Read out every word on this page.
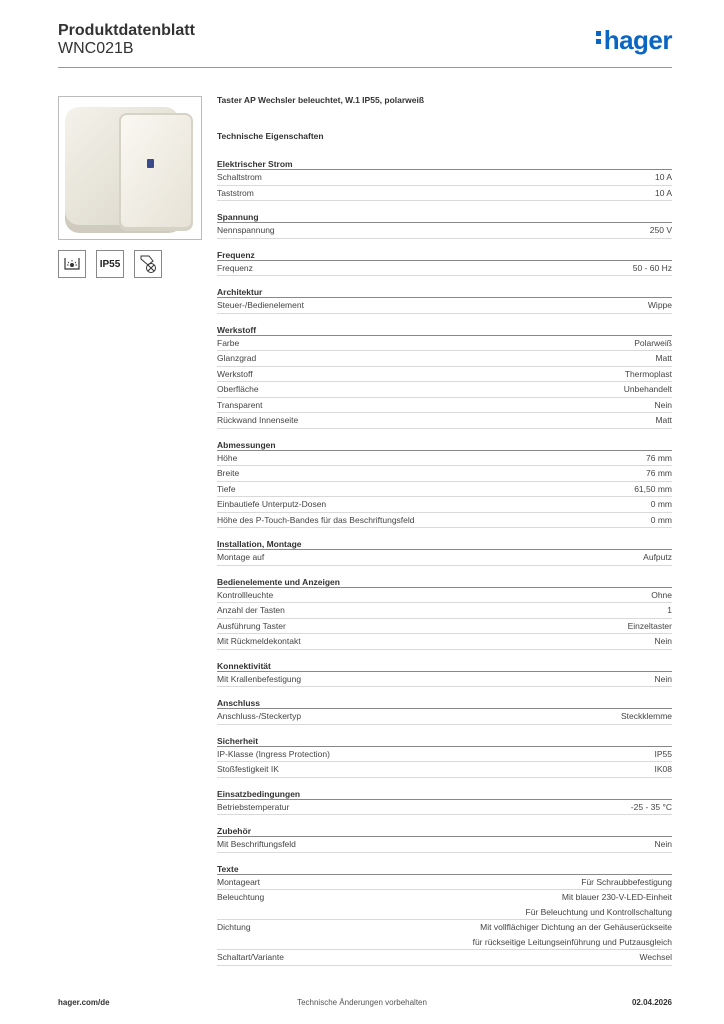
Produktdatenblatt
WNC021B	hager
IP55
Taster AP Wechsler beleuchtet, W.1 IP55, polarweiß
Technische Eigenschaften
Elektrischer Strom
Schaltstrom	10 A
Taststrom	10 A
Spannung
Nennspannung	250 V
Frequenz
Frequenz	50 - 60 Hz
Architektur
Steuer-/Bedienelement	Wippe
Werkstoff
Farbe	Polarweiß
Glanzgrad	Matt
Werkstoff	Thermoplast
Oberfläche	Unbehandelt
Transparent	Nein
Rückwand Innenseite	Matt
Abmessungen
Höhe	76 mm
Breite	76 mm
Tiefe	61,50 mm
Einbautiefe Unterputz-Dosen	0 mm
Höhe des P-Touch-Bandes für das Beschriftungsfeld	0 mm
Installation, Montage
Montage auf	Aufputz
Bedienelemente und Anzeigen
Kontrollleuchte	Ohne
Anzahl der Tasten	1
Ausführung Taster	Einzeltaster
Mit Rückmeldekontakt	Nein
Konnektivität
Mit Krallenbefestigung	Nein
Anschluss
Anschluss-/Steckertyp	Steckklemme
Sicherheit
IP-Klasse (Ingress Protection)	IP55
Stoßfestigkeit IK	IK08
Einsatzbedingungen
Betriebstemperatur	-25 - 35 °C
Zubehör
Mit Beschriftungsfeld	Nein
Texte
Montageart	Für Schraubbefestigung
Beleuchtung	Mit blauer 230-V-LED-Einheit
Für Beleuchtung und Kontrollschaltung
Dichtung	Mit vollflächiger Dichtung an der Gehäuserückseite
für rückseitige Leitungseinführung und Putzausgleich
Schaltart/Variante	Wechsel
hager.com/de	Technische Änderungen vorbehalten	02.04.2026
